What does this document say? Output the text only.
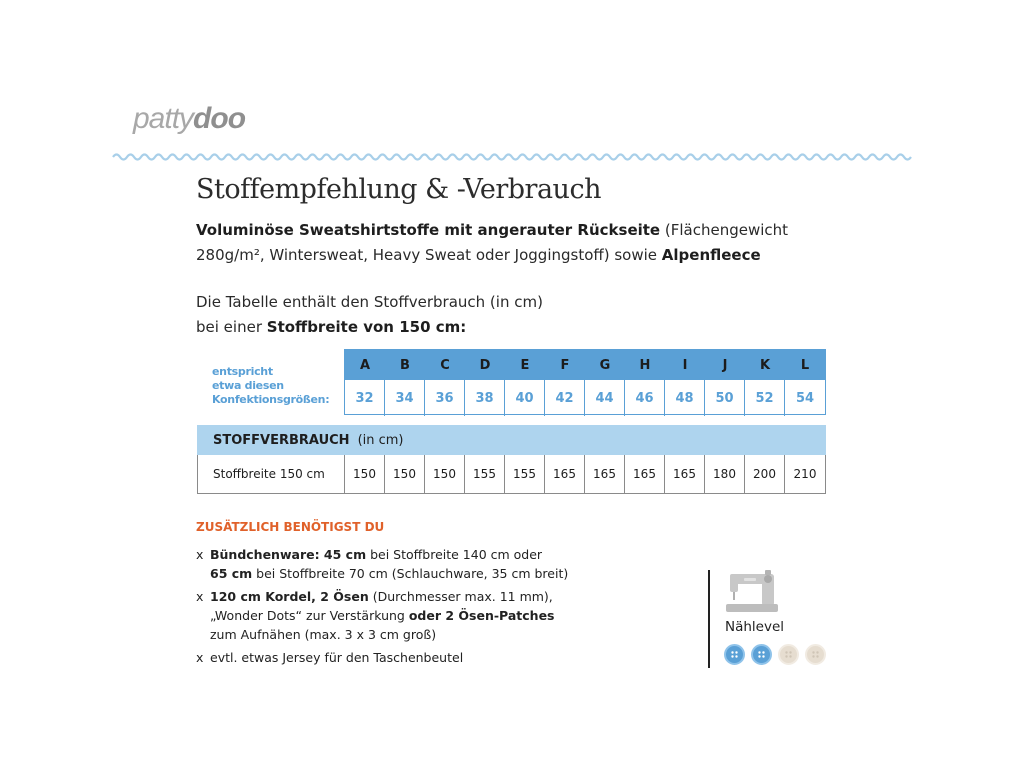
pattydoo
Stoffempfehlung & -Verbrauch
Voluminöse Sweatshirtstoffe mit angerauter Rückseite (Flächengewicht
280g/m², Wintersweat, Heavy Sweat oder Joggingstoff) sowie Alpenfleece
Die Tabelle enthält den Stoffverbrauch (in cm)
bei einer Stoffbreite von 150 cm:
entspricht
etwa diesen
Konfektionsgrößen:
A	B	C	D	E	F	G	H	I	J	K	L
32	34	36	38	40	42	44	46	48	50	52	54
STOFFVERBRAUCH (in cm)
Stoffbreite 150 cm	150	150	150	155	155	165	165	165	165	180	200	210
ZUSÄTZLICH BENÖTIGST DU
x Bündchenware: 45 cm bei Stoffbreite 140 cm oder
65 cm bei Stoffbreite 70 cm (Schlauchware, 35 cm breit)
x 120 cm Kordel, 2 Ösen (Durchmesser max. 11 mm),
„Wonder Dots“ zur Verstärkung oder 2 Ösen-Patches
zum Aufnähen (max. 3 x 3 cm groß)
x evtl. etwas Jersey für den Taschenbeutel
Nählevel
